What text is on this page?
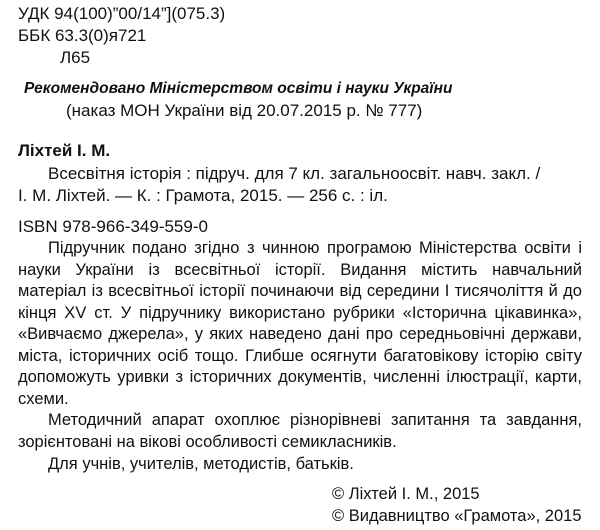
УДК 94(100)”00/14”](075.3)
ББК 63.3(0)я721
Л65
Рекомендовано Міністерством освіти і науки України
(наказ МОН України від 20.07.2015 р. № 777)
Ліхтей І. М.
Всесвітня історія : підруч. для 7 кл. загальноосвіт. навч. закл. /
І. М. Ліхтей. — К. : Грамота, 2015. — 256 с. : іл.
ISBN 978-966-349-559-0
Підручник подано згідно з чинною програмою Міністерства освіти і науки України із всесвітньої історії. Видання містить навчальний матеріал із всесвітньої історії починаючи від середини І тисячоліття й до кінця XV ст. У підручнику використано рубрики «Історична цікавинка», «Вивчаємо джерела», у яких наведено дані про середньовічні держави, міста, історичних осіб тощо. Глибше осягнути багатовікову історію світу допоможуть уривки з історичних документів, численні ілюстрації, карти, схеми.
Методичний апарат охоплює різнорівневі запитання та завдання, зорієнтовані на вікові особливості семикласників.
Для учнів, учителів, методистів, батьків.
© Ліхтей І. М., 2015
© Видавництво «Грамота», 2015
